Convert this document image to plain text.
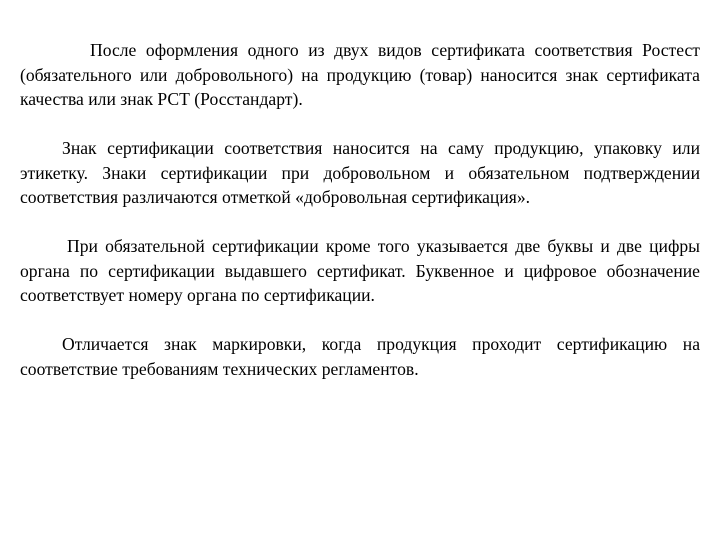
После оформления одного из двух видов сертификата соответствия Ростест (обязательного или добровольного) на продукцию (товар) наносится знак сертификата качества или знак РСТ (Росстандарт).

Знак сертификации соответствия наносится на саму продукцию, упаковку или этикетку. Знаки сертификации при добровольном и обязательном подтверждении соответствия различаются отметкой «добровольная сертификация».

При обязательной сертификации кроме того указывается две буквы и две цифры органа по сертификации выдавшего сертификат. Буквенное и цифровое обозначение соответствует номеру органа по сертификации.

Отличается знак маркировки, когда продукция проходит сертификацию на соответствие требованиям технических регламентов.
